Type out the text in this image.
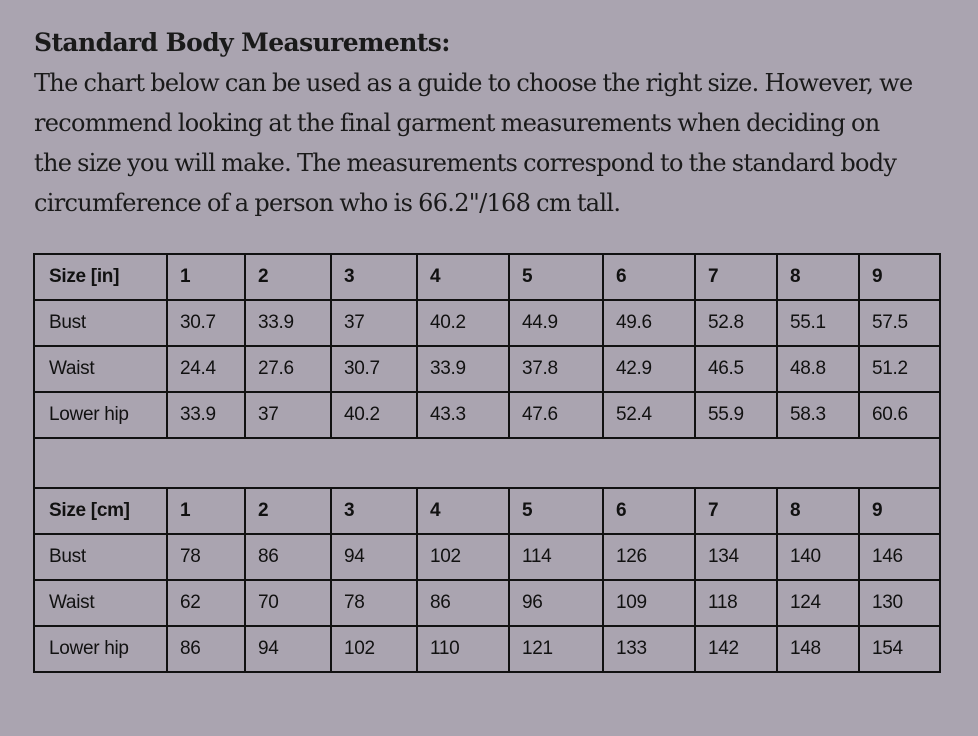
Standard Body Measurements:

The chart below can be used as a guide to choose the right size. However, we

recommend looking at the final garment measurements when deciding on

the size you will make. The measurements correspond to the standard body

circumference of a person who is 66.2"/168 cm tall.

Size [in]	1	2	3	4	5	6	7	8	9
Bust	30.7	33.9	37	40.2	44.9	49.6	52.8	55.1	57.5
Waist	24.4	27.6	30.7	33.9	37.8	42.9	46.5	48.8	51.2
Lower hip	33.9	37	40.2	43.3	47.6	52.4	55.9	58.3	60.6

Size [cm]	1	2	3	4	5	6	7	8	9
Bust	78	86	94	102	114	126	134	140	146
Waist	62	70	78	86	96	109	118	124	130
Lower hip	86	94	102	110	121	133	142	148	154
